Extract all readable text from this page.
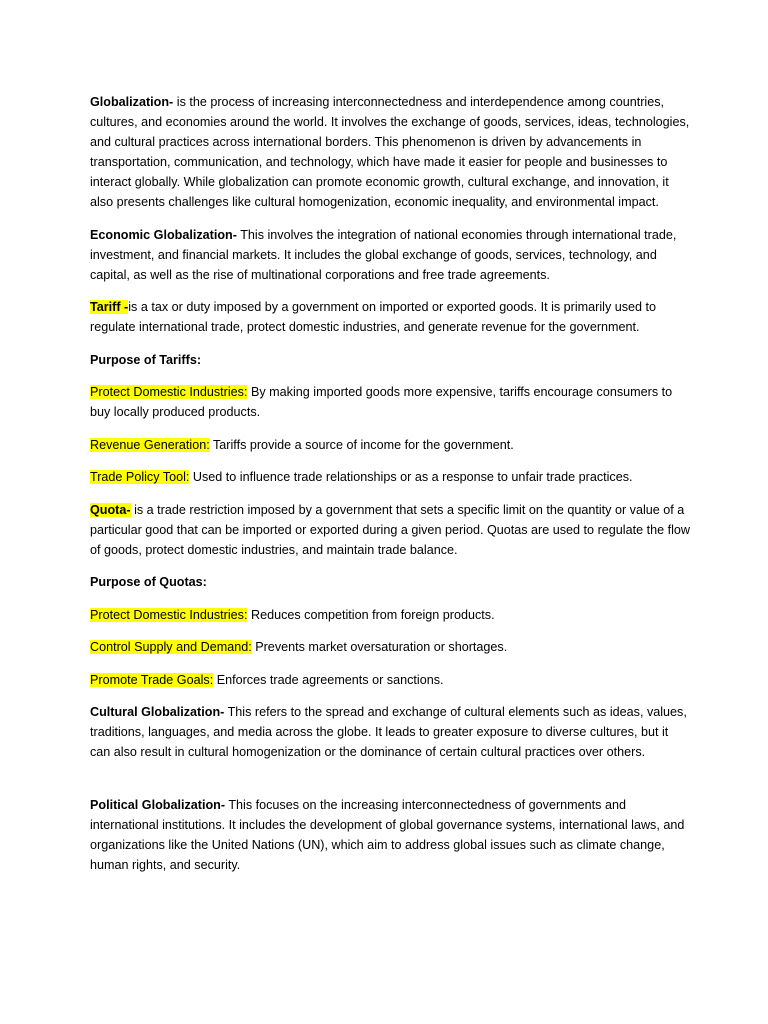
Globalization- is the process of increasing interconnectedness and interdependence among countries, cultures, and economies around the world. It involves the exchange of goods, services, ideas, technologies, and cultural practices across international borders. This phenomenon is driven by advancements in transportation, communication, and technology, which have made it easier for people and businesses to interact globally. While globalization can promote economic growth, cultural exchange, and innovation, it also presents challenges like cultural homogenization, economic inequality, and environmental impact.

Economic Globalization- This involves the integration of national economies through international trade, investment, and financial markets. It includes the global exchange of goods, services, technology, and capital, as well as the rise of multinational corporations and free trade agreements.

Tariff -is a tax or duty imposed by a government on imported or exported goods. It is primarily used to regulate international trade, protect domestic industries, and generate revenue for the government.

Purpose of Tariffs:

Protect Domestic Industries: By making imported goods more expensive, tariffs encourage consumers to buy locally produced products.

Revenue Generation: Tariffs provide a source of income for the government.

Trade Policy Tool: Used to influence trade relationships or as a response to unfair trade practices.

Quota- is a trade restriction imposed by a government that sets a specific limit on the quantity or value of a particular good that can be imported or exported during a given period. Quotas are used to regulate the flow of goods, protect domestic industries, and maintain trade balance.

Purpose of Quotas:

Protect Domestic Industries: Reduces competition from foreign products.

Control Supply and Demand: Prevents market oversaturation or shortages.

Promote Trade Goals: Enforces trade agreements or sanctions.

Cultural Globalization- This refers to the spread and exchange of cultural elements such as ideas, values, traditions, languages, and media across the globe. It leads to greater exposure to diverse cultures, but it can also result in cultural homogenization or the dominance of certain cultural practices over others.

Political Globalization- This focuses on the increasing interconnectedness of governments and international institutions. It includes the development of global governance systems, international laws, and organizations like the United Nations (UN), which aim to address global issues such as climate change, human rights, and security.
